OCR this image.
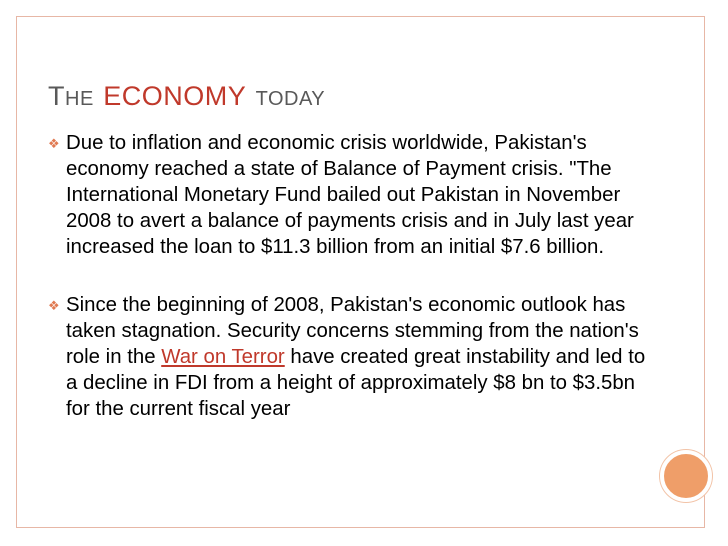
THE ECONOMY TODAY
❖ Due to inflation and economic crisis worldwide, Pakistan's economy reached a state of Balance of Payment crisis. "The International Monetary Fund bailed out Pakistan in November 2008 to avert a balance of payments crisis and in July last year increased the loan to $11.3 billion from an initial $7.6 billion.
❖ Since the beginning of 2008, Pakistan's economic outlook has taken stagnation. Security concerns stemming from the nation's role in the War on Terror have created great instability and led to a decline in FDI from a height of approximately $8 bn to $3.5bn for the current fiscal year
